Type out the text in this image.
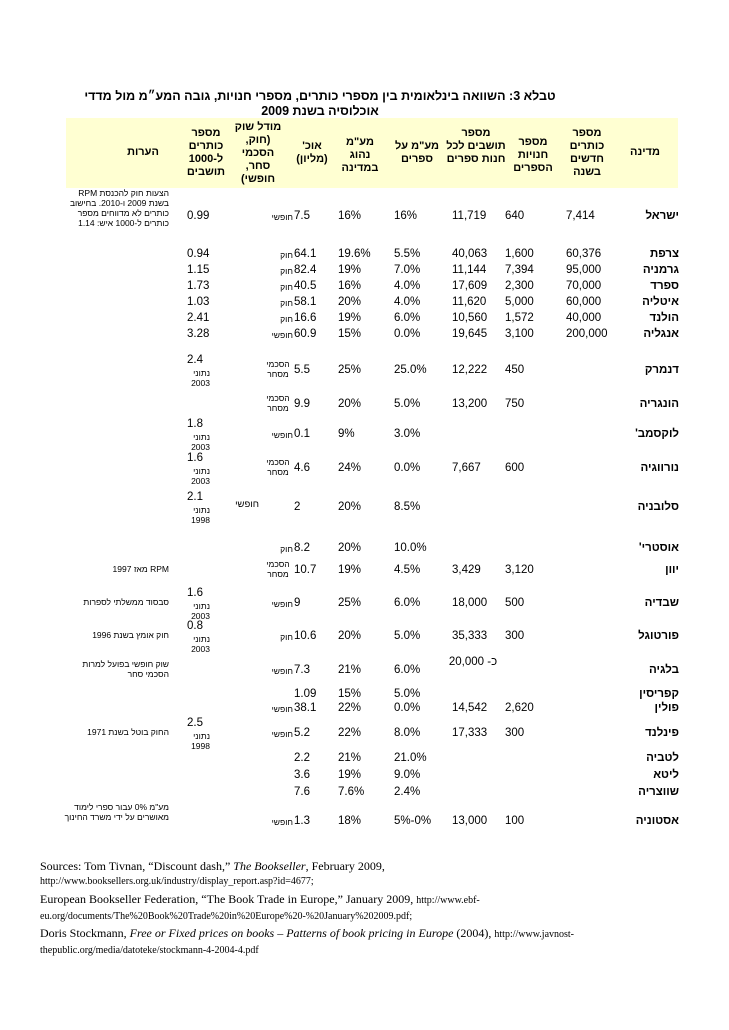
טבלא 3: השוואה בינלאומית בין מספרי כותרים, מספרי חנויות, גובה המע״מ מול מדדי
אוכלוסיה בשנת 2009
מדינה
מספר כותרים חדשים בשנה
מספר חנויות הספרים
מספר תושבים לכל חנות ספרים
מע"מ על ספרים
מע"מ נהוג במדינה
אוכ' (מליון)
מודל שוק (חוק, הסכמי סחר, חופשי)
מספר כותרים ל-1000 תושבים
הערות
ישראל
7,414
640
11,719
16%
16%
7.5
חופשי
0.99
הצעות חוק להכנסת RPM בשנת 2009 ו-2010. בחישוב כותרים לא מדווחים מספר כותרים ל-1000 איש: 1.14
צרפת
60,376
1,600
40,063
5.5%
19.6%
64.1
חוק
0.94
גרמניה
95,000
7,394
11,144
7.0%
19%
82.4
חוק
1.15
ספרד
70,000
2,300
17,609
4.0%
16%
40.5
חוק
1.73
איטליה
60,000
5,000
11,620
4.0%
20%
58.1
חוק
1.03
הולנד
40,000
1,572
10,560
6.0%
19%
16.6
חוק
2.41
אנגליה
200,000
3,100
19,645
0.0%
15%
60.9
חופשי
3.28
דנמרק
450
12,222
25.0%
25%
5.5
הסכמי מסחר
2.4
נתוני 2003
הונגריה
750
13,200
5.0%
20%
9.9
הסכמי מסחר
לוקסמב'
3.0%
9%
0.1
חופשי
1.8
נתוני 2003
נורווגיה
600
7,667
0.0%
24%
4.6
הסכמי מסחר
1.6
נתוני 2003
סלובניה
8.5%
20%
2
חופשי
2.1
נתוני 1998
אוסטרי'
10.0%
20%
8.2
חוק
יוון
3,120
3,429
4.5%
19%
10.7
הסכמי מסחר
RPM מאז 1997
שבדיה
500
18,000
6.0%
25%
9
חופשי
1.6
נתוני 2003
סבסוד ממשלתי לספרות
פורטוגל
300
35,333
5.0%
20%
10.6
חוק
0.8
נתוני 2003
חוק אומץ בשנת 1996
בלגיה
כ- 20,000
6.0%
21%
7.3
חופשי
שוק חופשי בפועל למרות הסכמי סחר
קפריסין
5.0%
15%
1.09
פולין
2,620
14,542
0.0%
22%
38.1
חופשי
פינלנד
300
17,333
8.0%
22%
5.2
חופשי
2.5
נתוני 1998
החוק בוטל בשנת 1971
לטביה
21.0%
21%
2.2
ליטא
9.0%
19%
3.6
שווצריה
2.4%
7.6%
7.6
אסטוניה
100
13,000
5%-0%
18%
1.3
חופשי
מע"מ 0% עבור ספרי לימוד מאושרים על ידי משרד החינוך
Sources: Tom Tivnan, “Discount dash,” The Bookseller, February 2009,
http://www.booksellers.org.uk/industry/display_report.asp?id=4677;
European Bookseller Federation, “The Book Trade in Europe,” January 2009, http://www.ebf-
eu.org/documents/The%20Book%20Trade%20in%20Europe%20-%20January%202009.pdf;
Doris Stockmann, Free or Fixed prices on books – Patterns of book pricing in Europe (2004), http://www.javnost-
thepublic.org/media/datoteke/stockmann-4-2004-4.pdf
